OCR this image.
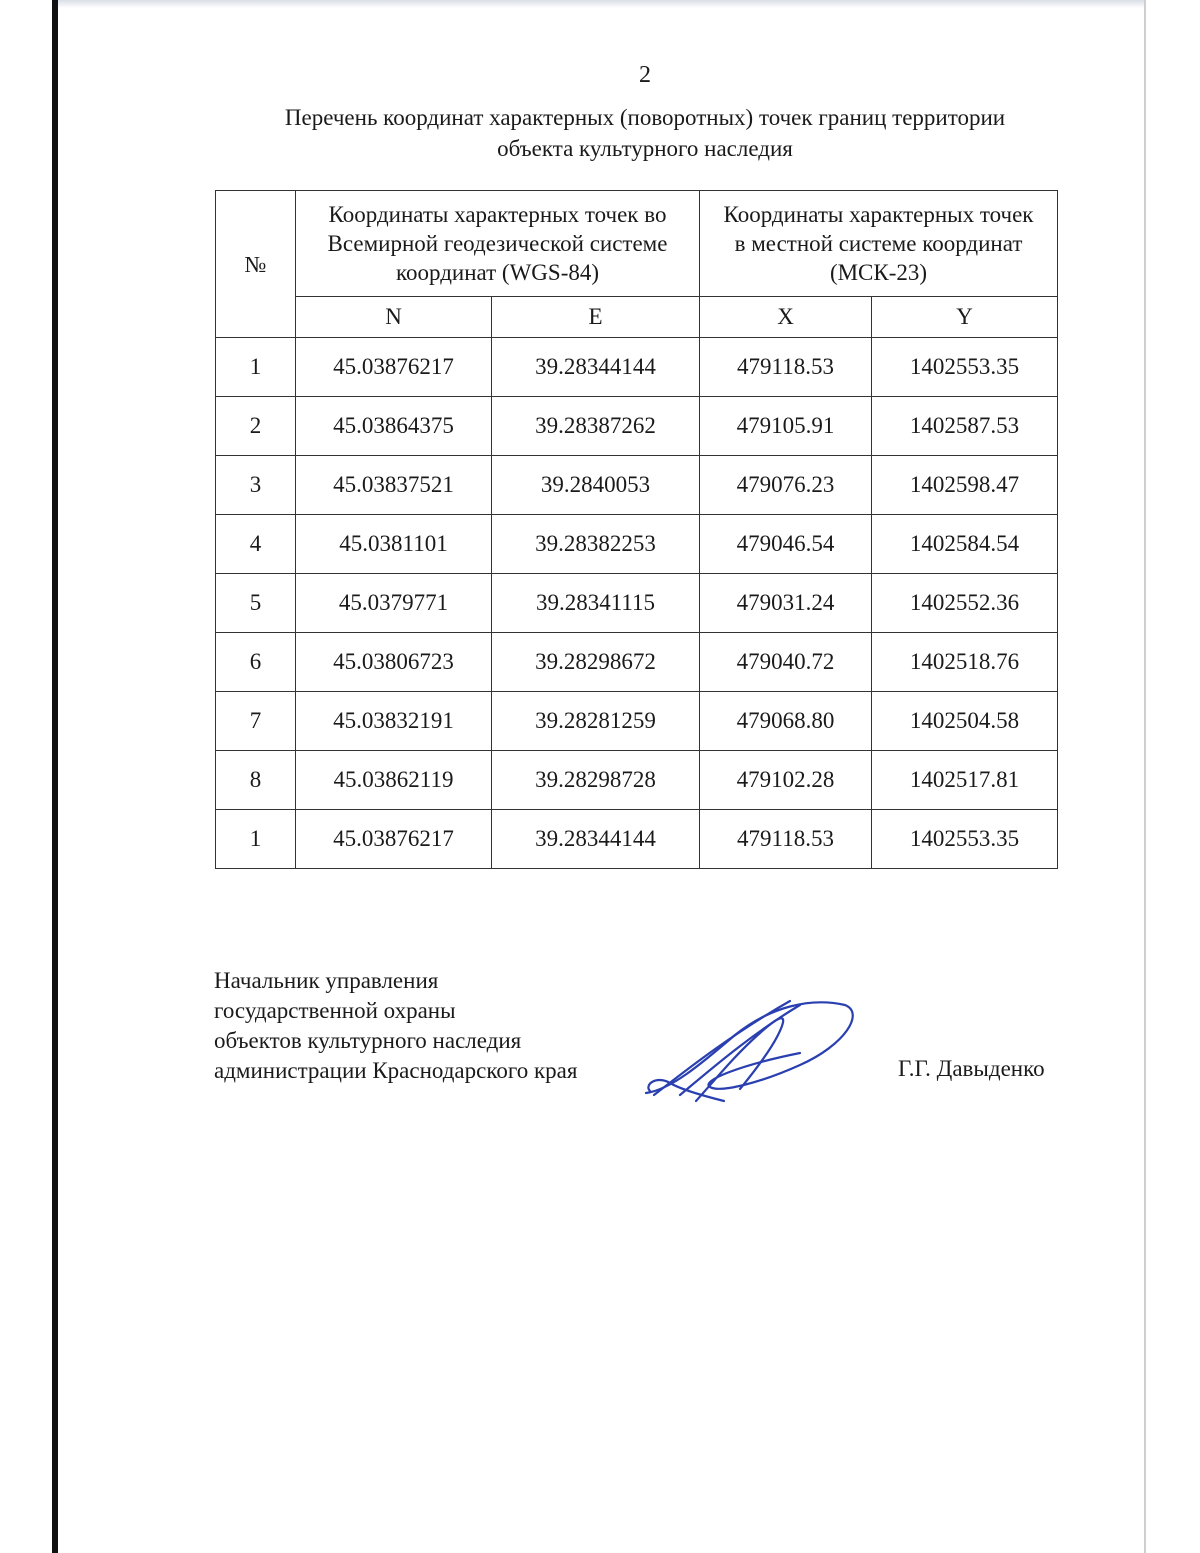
2
Перечень координат характерных (поворотных) точек границ территории
объекта культурного наследия
№	Координаты характерных точек во
Всемирной геодезической системе
координат (WGS-84)		Координаты характерных точек
в местной системе координат
(МСК-23)	
	N	E	X	Y
1	45.03876217	39.28344144	479118.53	1402553.35
2	45.03864375	39.28387262	479105.91	1402587.53
3	45.03837521	39.2840053	479076.23	1402598.47
4	45.0381101	39.28382253	479046.54	1402584.54
5	45.0379771	39.28341115	479031.24	1402552.36
6	45.03806723	39.28298672	479040.72	1402518.76
7	45.03832191	39.28281259	479068.80	1402504.58
8	45.03862119	39.28298728	479102.28	1402517.81
1	45.03876217	39.28344144	479118.53	1402553.35
Начальник управления
государственной охраны
объектов культурного наследия
администрации Краснодарского края	Г.Г. Давыденко
